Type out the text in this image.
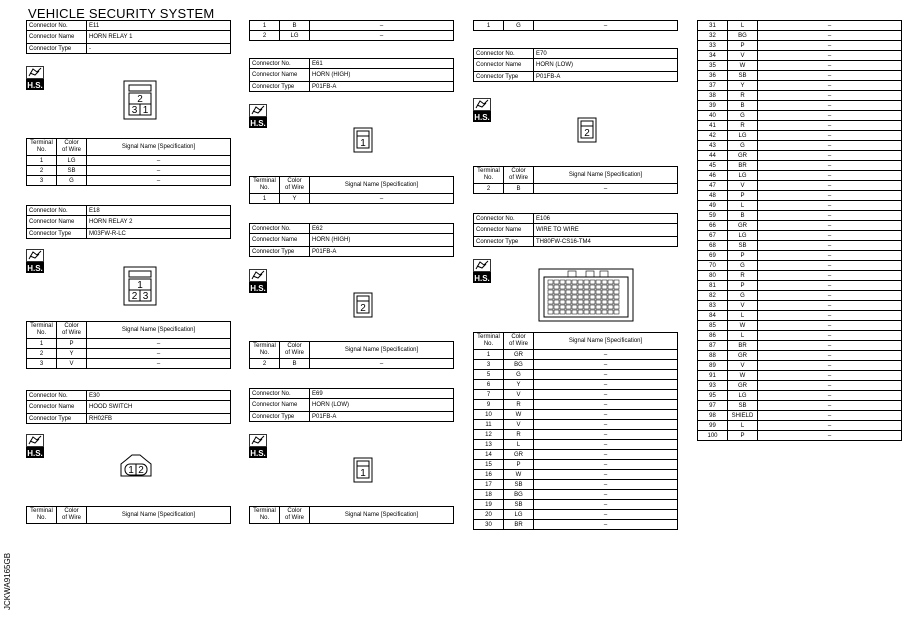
VEHICLE SECURITY SYSTEM
JCKWA9165GB
Connector No.	E11
Connector Name	HORN RELAY 1
Connector Type	-
H.S.
2
3 1
Terminal
No.	Color
of Wire	Signal Name [Specification]
1	LG	–
2	SB	–
3	G	–
Connector No.	E18
Connector Name	HORN RELAY 2
Connector Type	M03FW-R-LC
H.S.
1
2 3
Terminal
No.	Color
of Wire	Signal Name [Specification]
1	P	–
2	Y	–
3	V	–
Connector No.	E30
Connector Name	HOOD SWITCH
Connector Type	RH02FB
H.S.
1 2
Terminal
No.	Color
of Wire	Signal Name [Specification]
1	B	–
2	LG	–
Connector No.	E61
Connector Name	HORN (HIGH)
Connector Type	P01FB-A
H.S.
1
Terminal
No.	Color
of Wire	Signal Name [Specification]
1	Y	–
Connector No.	E62
Connector Name	HORN (HIGH)
Connector Type	P01FB-A
H.S.
2
Terminal
No.	Color
of Wire	Signal Name [Specification]
2	B	–
Connector No.	E69
Connector Name	HORN (LOW)
Connector Type	P01FB-A
H.S.
1
Terminal
No.	Color
of Wire	Signal Name [Specification]
1	G	–
Connector No.	E70
Connector Name	HORN (LOW)
Connector Type	P01FB-A
H.S.
2
Terminal
No.	Color
of Wire	Signal Name [Specification]
2	B	–
Connector No.	E106
Connector Name	WIRE TO WIRE
Connector Type	TH80FW-CS16-TM4
H.S.
Terminal
No.	Color
of Wire	Signal Name [Specification]
1	GR	–
3	BG	–
5	G	–
6	Y	–
7	V	–
9	R	–
10	W	–
11	V	–
12	R	–
13	L	–
14	GR	–
15	P	–
16	W	–
17	SB	–
18	BG	–
19	SB	–
20	LG	–
30	BR	–
31	L	–
32	BG	–
33	P	–
34	V	–
35	W	–
36	SB	–
37	Y	–
38	R	–
39	B	–
40	G	–
41	R	–
42	LG	–
43	G	–
44	GR	–
45	BR	–
46	LG	–
47	V	–
48	P	–
49	L	–
59	B	–
66	GR	–
67	LG	–
68	SB	–
69	P	–
70	G	–
80	R	–
81	P	–
82	G	–
83	V	–
84	L	–
85	W	–
86	L	–
87	BR	–
88	GR	–
89	V	–
91	W	–
93	GR	–
95	LG	–
97	SB	–
98	SHIELD	–
99	L	–
100	P	–
